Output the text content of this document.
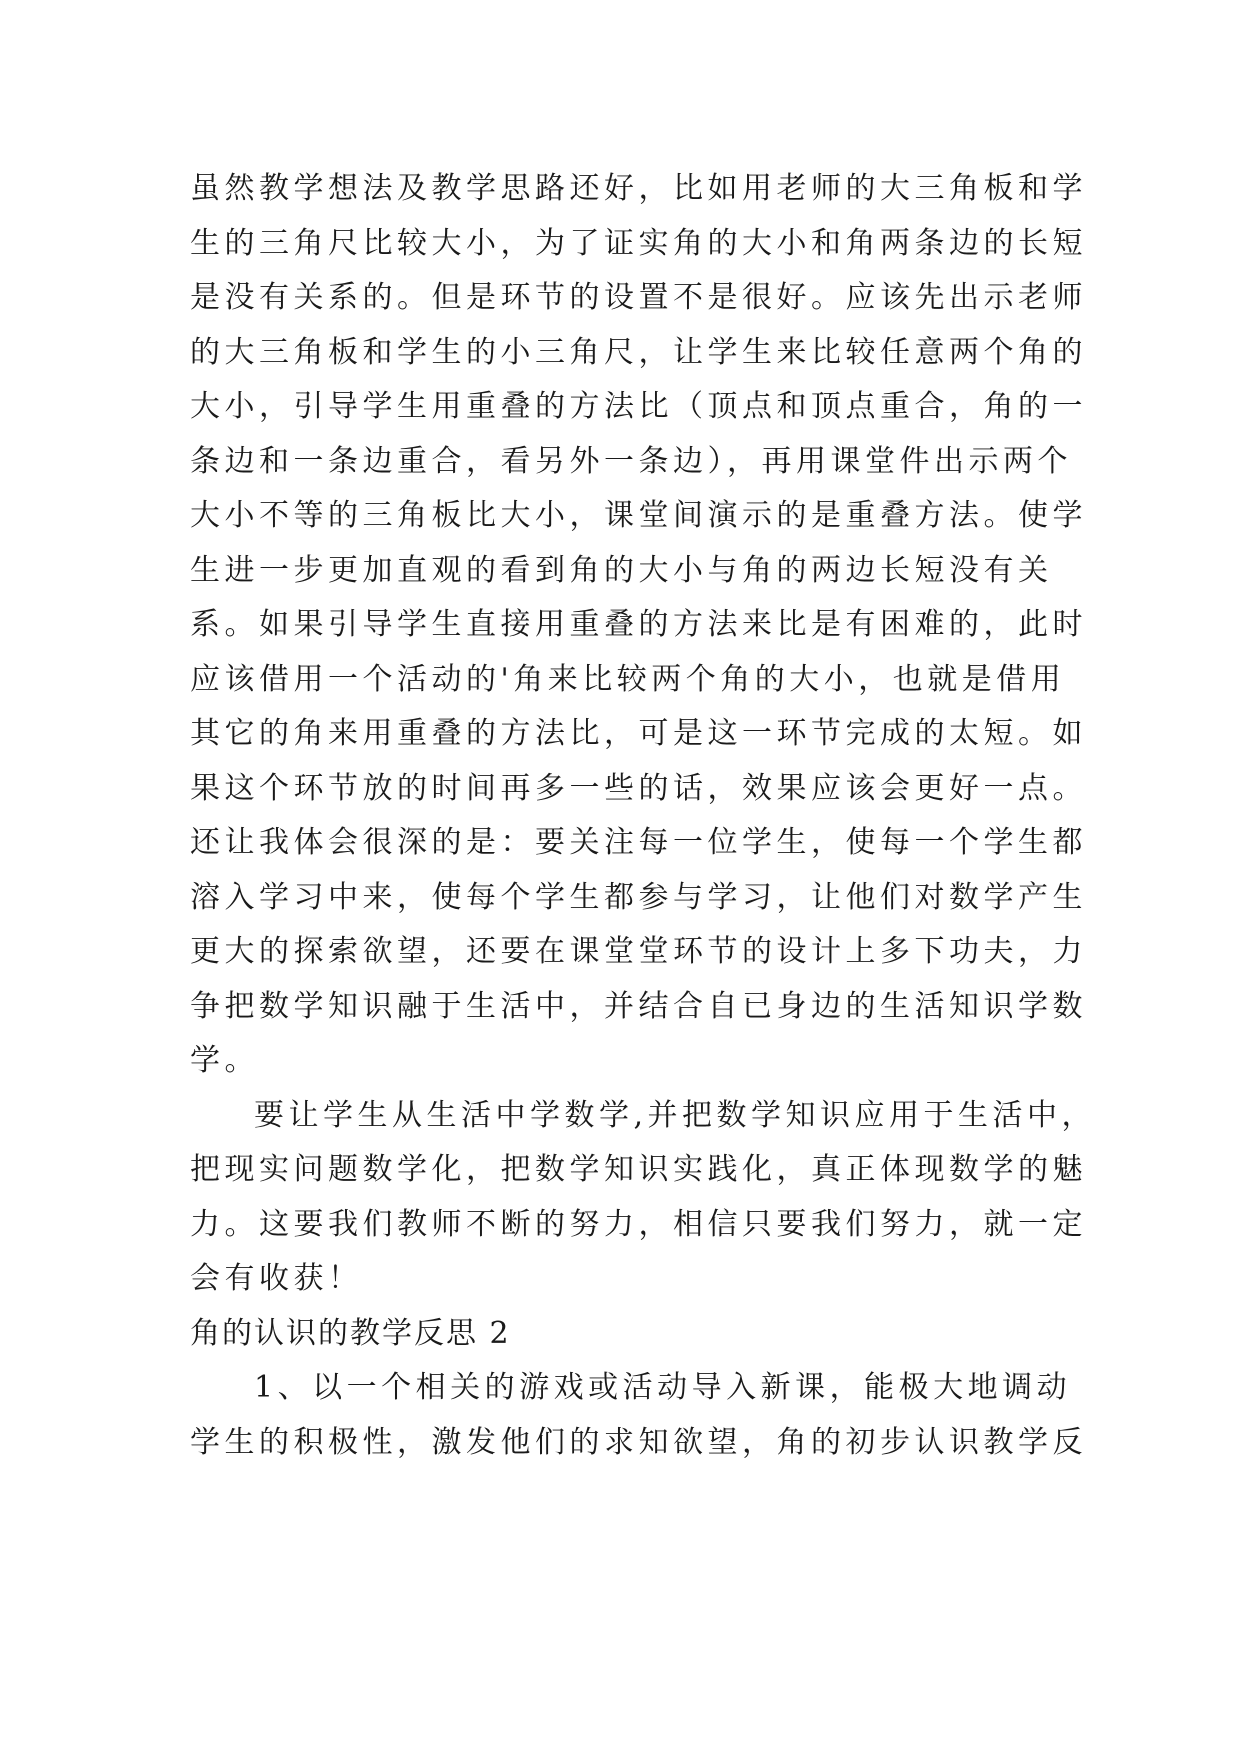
虽然教学想法及教学思路还好，比如用老师的大三角板和学
生的三角尺比较大小，为了证实角的大小和角两条边的长短
是没有关系的。但是环节的设置不是很好。应该先出示老师
的大三角板和学生的小三角尺，让学生来比较任意两个角的
大小，引导学生用重叠的方法比（顶点和顶点重合，角的一
条边和一条边重合，看另外一条边），再用课堂件出示两个
大小不等的三角板比大小，课堂间演示的是重叠方法。使学
生进一步更加直观的看到角的大小与角的两边长短没有关
系。如果引导学生直接用重叠的方法来比是有困难的，此时
应该借用一个活动的'角来比较两个角的大小，也就是借用
其它的角来用重叠的方法比，可是这一环节完成的太短。如
果这个环节放的时间再多一些的话，效果应该会更好一点。
还让我体会很深的是：要关注每一位学生，使每一个学生都
溶入学习中来，使每个学生都参与学习，让他们对数学产生
更大的探索欲望，还要在课堂堂环节的设计上多下功夫，力
争把数学知识融于生活中，并结合自已身边的生活知识学数
学。
要让学生从生活中学数学,并把数学知识应用于生活中，
把现实问题数学化，把数学知识实践化，真正体现数学的魅
力。这要我们教师不断的努力，相信只要我们努力，就一定
会有收获！
角的认识的教学反思 2
1、以一个相关的游戏或活动导入新课，能极大地调动
学生的积极性，激发他们的求知欲望，角的初步认识教学反
